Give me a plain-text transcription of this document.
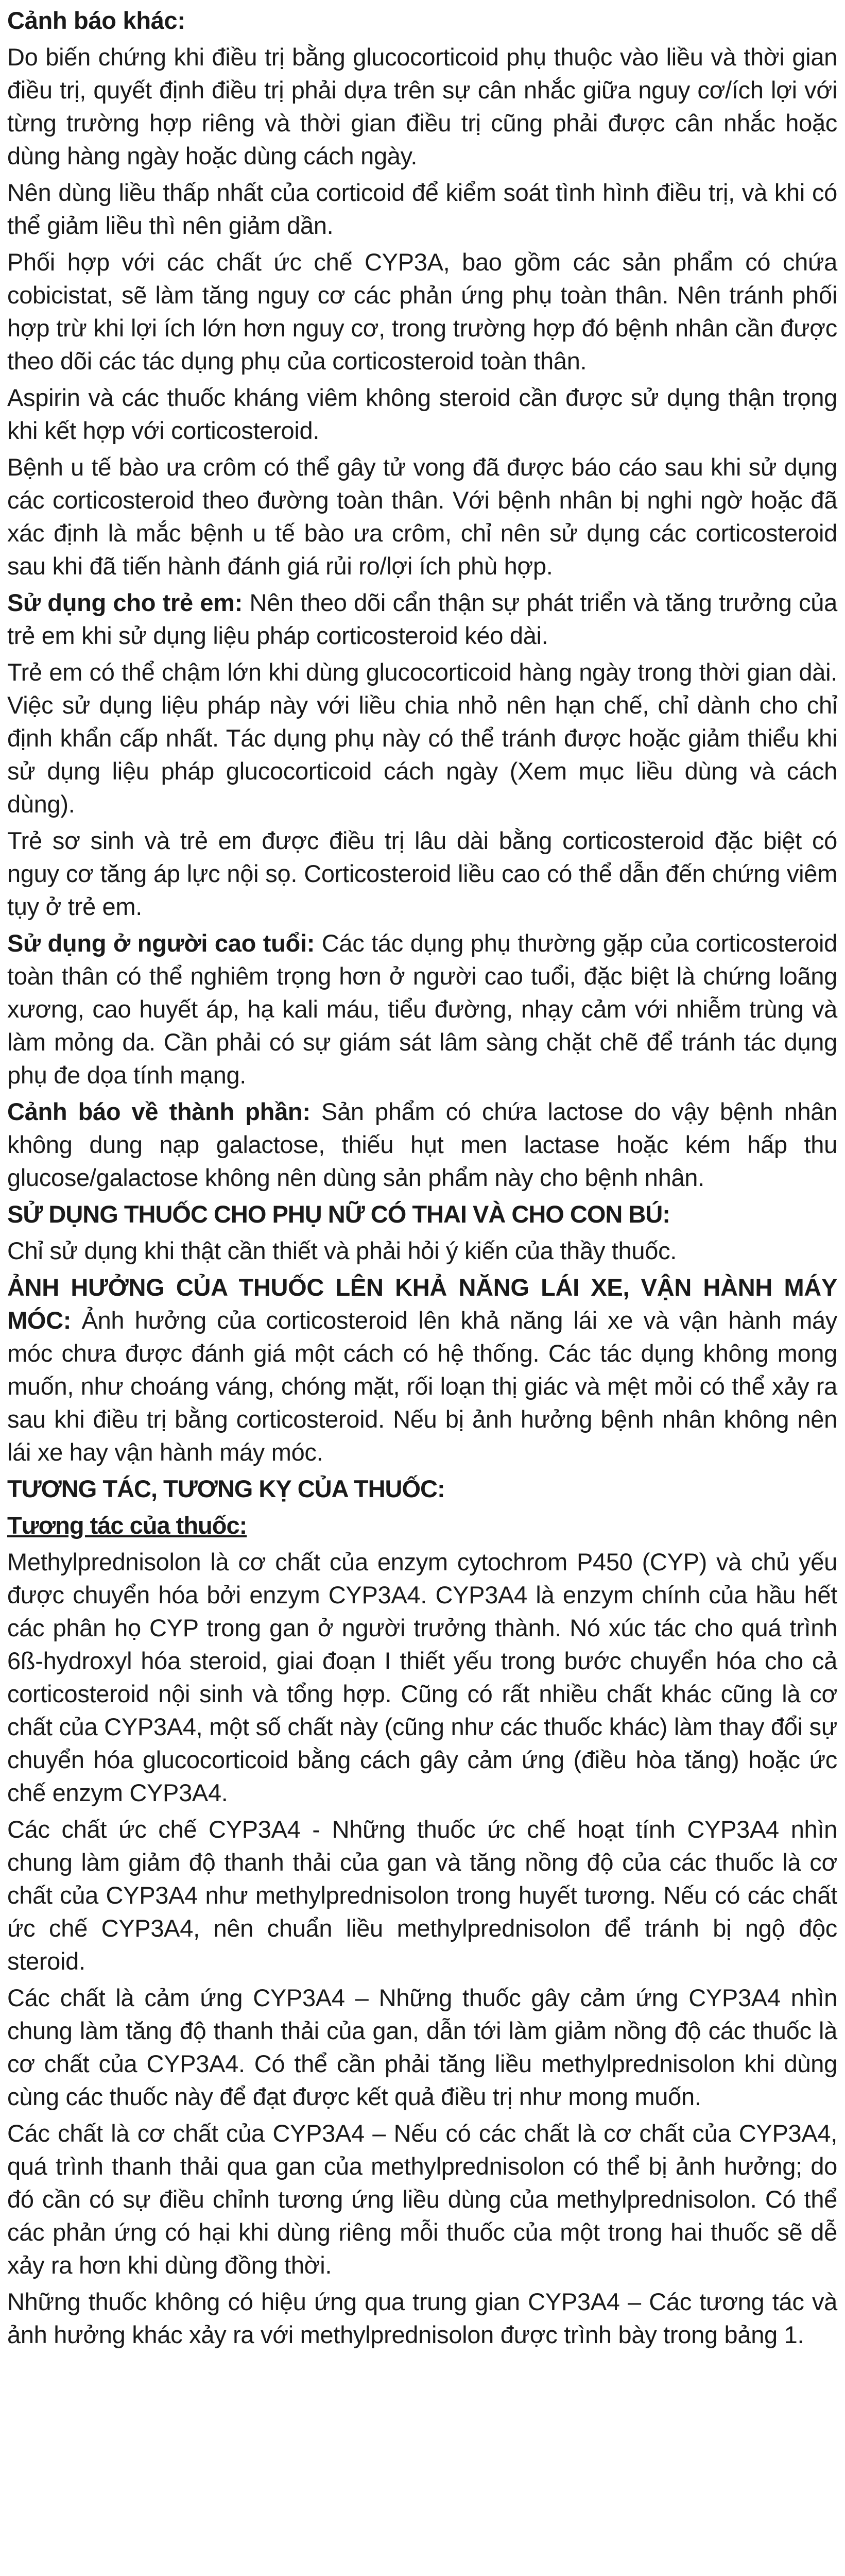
Cảnh báo khác:
Do biến chứng khi điều trị bằng glucocorticoid phụ thuộc vào liều và thời gian điều trị, quyết định điều trị phải dựa trên sự cân nhắc giữa nguy cơ/ích lợi với từng trường hợp riêng và thời gian điều trị cũng phải được cân nhắc hoặc dùng hàng ngày hoặc dùng cách ngày.
Nên dùng liều thấp nhất của corticoid để kiểm soát tình hình điều trị, và khi có thể giảm liều thì nên giảm dần.
Phối hợp với các chất ức chế CYP3A, bao gồm các sản phẩm có chứa cobicistat, sẽ làm tăng nguy cơ các phản ứng phụ toàn thân. Nên tránh phối hợp trừ khi lợi ích lớn hơn nguy cơ, trong trường hợp đó bệnh nhân cần được theo dõi các tác dụng phụ của corticosteroid toàn thân.
Aspirin và các thuốc kháng viêm không steroid cần được sử dụng thận trọng khi kết hợp với corticosteroid.
Bệnh u tế bào ưa crôm có thể gây tử vong đã được báo cáo sau khi sử dụng các corticosteroid theo đường toàn thân. Với bệnh nhân bị nghi ngờ hoặc đã xác định là mắc bệnh u tế bào ưa crôm, chỉ nên sử dụng các corticosteroid sau khi đã tiến hành đánh giá rủi ro/lợi ích phù hợp.
Sử dụng cho trẻ em: Nên theo dõi cẩn thận sự phát triển và tăng trưởng của trẻ em khi sử dụng liệu pháp corticosteroid kéo dài.
Trẻ em có thể chậm lớn khi dùng glucocorticoid hàng ngày trong thời gian dài. Việc sử dụng liệu pháp này với liều chia nhỏ nên hạn chế, chỉ dành cho chỉ định khẩn cấp nhất. Tác dụng phụ này có thể tránh được hoặc giảm thiểu khi sử dụng liệu pháp glucocorticoid cách ngày (Xem mục liều dùng và cách dùng).
Trẻ sơ sinh và trẻ em được điều trị lâu dài bằng corticosteroid đặc biệt có nguy cơ tăng áp lực nội sọ. Corticosteroid liều cao có thể dẫn đến chứng viêm tụy ở trẻ em.
Sử dụng ở người cao tuổi: Các tác dụng phụ thường gặp của corticosteroid toàn thân có thể nghiêm trọng hơn ở người cao tuổi, đặc biệt là chứng loãng xương, cao huyết áp, hạ kali máu, tiểu đường, nhạy cảm với nhiễm trùng và làm mỏng da. Cần phải có sự giám sát lâm sàng chặt chẽ để tránh tác dụng phụ đe dọa tính mạng.
Cảnh báo về thành phần: Sản phẩm có chứa lactose do vậy bệnh nhân không dung nạp galactose, thiếu hụt men lactase hoặc kém hấp thu glucose/galactose không nên dùng sản phẩm này cho bệnh nhân.
SỬ DỤNG THUỐC CHO PHỤ NỮ CÓ THAI VÀ CHO CON BÚ:
Chỉ sử dụng khi thật cần thiết và phải hỏi ý kiến của thầy thuốc.
ẢNH HƯỞNG CỦA THUỐC LÊN KHẢ NĂNG LÁI XE, VẬN HÀNH MÁY MÓC: Ảnh hưởng của corticosteroid lên khả năng lái xe và vận hành máy móc chưa được đánh giá một cách có hệ thống. Các tác dụng không mong muốn, như choáng váng, chóng mặt, rối loạn thị giác và mệt mỏi có thể xảy ra sau khi điều trị bằng corticosteroid. Nếu bị ảnh hưởng bệnh nhân không nên lái xe hay vận hành máy móc.
TƯƠNG TÁC, TƯƠNG KỴ CỦA THUỐC:
Tương tác của thuốc:
Methylprednisolon là cơ chất của enzym cytochrom P450 (CYP) và chủ yếu được chuyển hóa bởi enzym CYP3A4. CYP3A4 là enzym chính của hầu hết các phân họ CYP trong gan ở người trưởng thành. Nó xúc tác cho quá trình 6ß-hydroxyl hóa steroid, giai đoạn I thiết yếu trong bước chuyển hóa cho cả corticosteroid nội sinh và tổng hợp. Cũng có rất nhiều chất khác cũng là cơ chất của CYP3A4, một số chất này (cũng như các thuốc khác) làm thay đổi sự chuyển hóa glucocorticoid bằng cách gây cảm ứng (điều hòa tăng) hoặc ức chế enzym CYP3A4.
Các chất ức chế CYP3A4 - Những thuốc ức chế hoạt tính CYP3A4 nhìn chung làm giảm độ thanh thải của gan và tăng nồng độ của các thuốc là cơ chất của CYP3A4 như methylprednisolon trong huyết tương. Nếu có các chất ức chế CYP3A4, nên chuẩn liều methylprednisolon để tránh bị ngộ độc steroid.
Các chất là cảm ứng CYP3A4 – Những thuốc gây cảm ứng CYP3A4 nhìn chung làm tăng độ thanh thải của gan, dẫn tới làm giảm nồng độ các thuốc là cơ chất của CYP3A4. Có thể cần phải tăng liều methylprednisolon khi dùng cùng các thuốc này để đạt được kết quả điều trị như mong muốn.
Các chất là cơ chất của CYP3A4 – Nếu có các chất là cơ chất của CYP3A4, quá trình thanh thải qua gan của methylprednisolon có thể bị ảnh hưởng; do đó cần có sự điều chỉnh tương ứng liều dùng của methylprednisolon. Có thể các phản ứng có hại khi dùng riêng mỗi thuốc của một trong hai thuốc sẽ dễ xảy ra hơn khi dùng đồng thời.
Những thuốc không có hiệu ứng qua trung gian CYP3A4 – Các tương tác và ảnh hưởng khác xảy ra với methylprednisolon được trình bày trong bảng 1.
